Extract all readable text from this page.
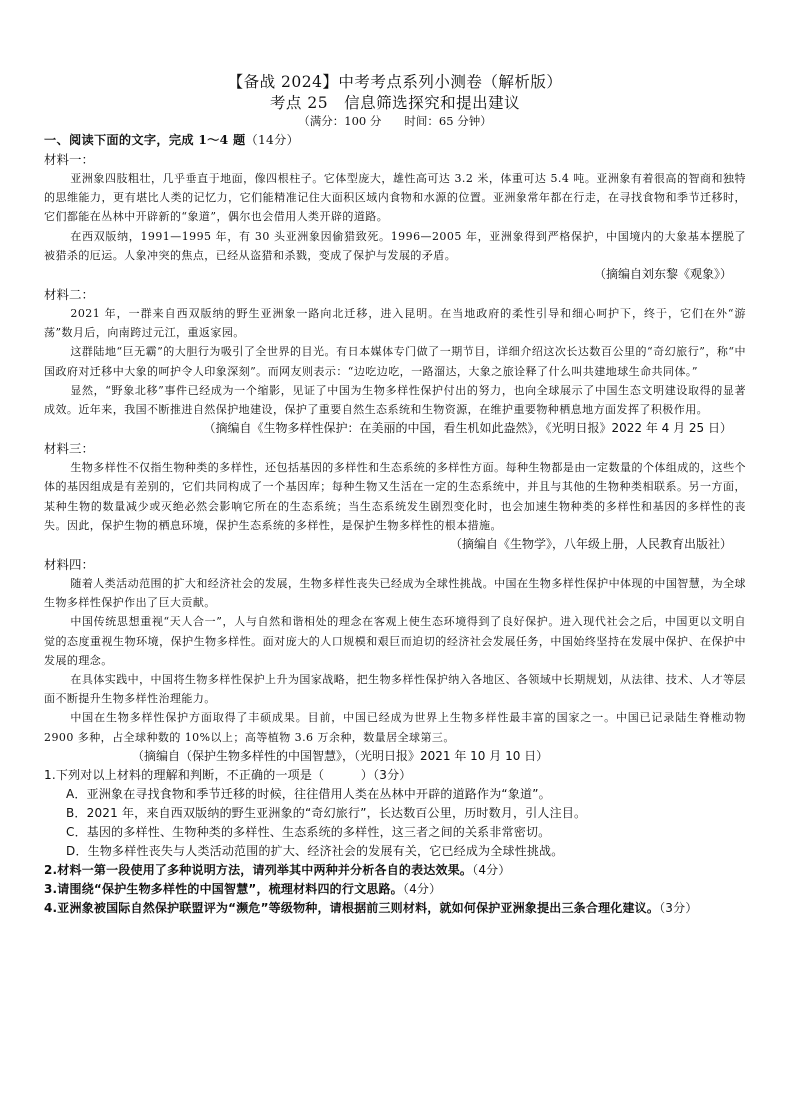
【备战 2024】中考考点系列小测卷（解析版）
考点 25 信息筛选探究和提出建议
（满分：100 分　　时间：65 分钟）
一、阅读下面的文字，完成 1～4 题（14分）
材料一：

亚洲象四肢粗壮，几乎垂直于地面，像四根柱子。它体型庞大，雄性高可达 3.2 米，体重可达 5.4 吨。亚洲象有着很高的智商和独特的思维能力，更有堪比人类的记忆力，它们能精准记住大面积区域内食物和水源的位置。亚洲象常年都在行走，在寻找食物和季节迁移时，它们都能在丛林中开辟新的“象道”，偶尔也会借用人类开辟的道路。

在西双版纳，1991—1995 年，有 30 头亚洲象因偷猎致死。1996—2005 年，亚洲象得到严格保护，中国境内的大象基本摆脱了被猎杀的厄运。人象冲突的焦点，已经从盗猎和杀戮，变成了保护与发展的矛盾。

（摘编自刘东黎《观象》）
材料二：

2021 年，一群来自西双版纳的野生亚洲象一路向北迁移，进入昆明。在当地政府的柔性引导和细心呵护下，终于，它们在外“游荡”数月后，向南跨过元江，重返家园。

这群陆地“巨无霸”的大胆行为吸引了全世界的目光。有日本媒体专门做了一期节目，详细介绍这次长达数百公里的“奇幻旅行”，称“中国政府对迁移中大象的呵护令人印象深刻”。而网友则表示：“边吃边吃，一路溜达，大象之旅诠释了什么叫共建地球生命共同体。”

显然，“野象北移”事件已经成为一个缩影，见证了中国为生物多样性保护付出的努力，也向全球展示了中国生态文明建设取得的显著成效。近年来，我国不断推进自然保护地建设，保护了重要自然生态系统和生物资源，在维护重要物种栖息地方面发挥了积极作用。

（摘编自《生物多样性保护：在美丽的中国，看生机如此盎然》，《光明日报》2022 年 4 月 25 日）
材料三：

生物多样性不仅指生物种类的多样性，还包括基因的多样性和生态系统的多样性方面。每种生物都是由一定数量的个体组成的，这些个体的基因组成是有差别的，它们共同构成了一个基因库；每种生物又生活在一定的生态系统中，并且与其他的生物种类相联系。另一方面，某种生物的数量减少或灭绝必然会影响它所在的生态系统；当生态系统发生剧烈变化时，也会加速生物种类的多样性和基因的多样性的丧失。因此，保护生物的栖息环境，保护生态系统的多样性，是保护生物多样性的根本措施。

（摘编自《生物学》，八年级上册，人民教育出版社）
材料四：

随着人类活动范围的扩大和经济社会的发展，生物多样性丧失已经成为全球性挑战。中国在生物多样性保护中体现的中国智慧，为全球生物多样性保护作出了巨大贡献。

中国传统思想重视“天人合一”，人与自然和谐相处的理念在客观上使生态环境得到了良好保护。进入现代社会之后，中国更以文明自觉的态度重视生物环境，保护生物多样性。面对庞大的人口规模和艰巨而迫切的经济社会发展任务，中国始终坚持在发展中保护、在保护中发展的理念。

在具体实践中，中国将生物多样性保护上升为国家战略，把生物多样性保护纳入各地区、各领域中长期规划，从法律、技术、人才等层面不断提升生物多样性治理能力。

中国在生物多样性保护方面取得了丰硕成果。目前，中国已经成为世界上生物多样性最丰富的国家之一。中国已记录陆生脊椎动物 2900 多种，占全球种数的 10%以上；高等植物 3.6 万余种，数量居全球第三。

（摘编自（保护生物多样性的中国智慧》，（光明日报》2021 年 10 月 10 日）
1.下列对以上材料的理解和判断，不正确的一项是（　　　）（3分）
A．亚洲象在寻找食物和季节迁移的时候，往往借用人类在丛林中开辟的道路作为“象道”。
B．2021 年，来自西双版纳的野生亚洲象的“奇幻旅行”，长达数百公里，历时数月，引人注目。
C．基因的多样性、生物种类的多样性、生态系统的多样性，这三者之间的关系非常密切。
D．生物多样性丧失与人类活动范围的扩大、经济社会的发展有关，它已经成为全球性挑战。
2.材料一第一段使用了多种说明方法，请列举其中两种并分析各自的表达效果。（4分）
3.请围绕“保护生物多样性的中国智慧”，梳理材料四的行文思路。（4分）
4.亚洲象被国际自然保护联盟评为“濒危”等级物种，请根据前三则材料，就如何保护亚洲象提出三条合理化建议。（3分）
